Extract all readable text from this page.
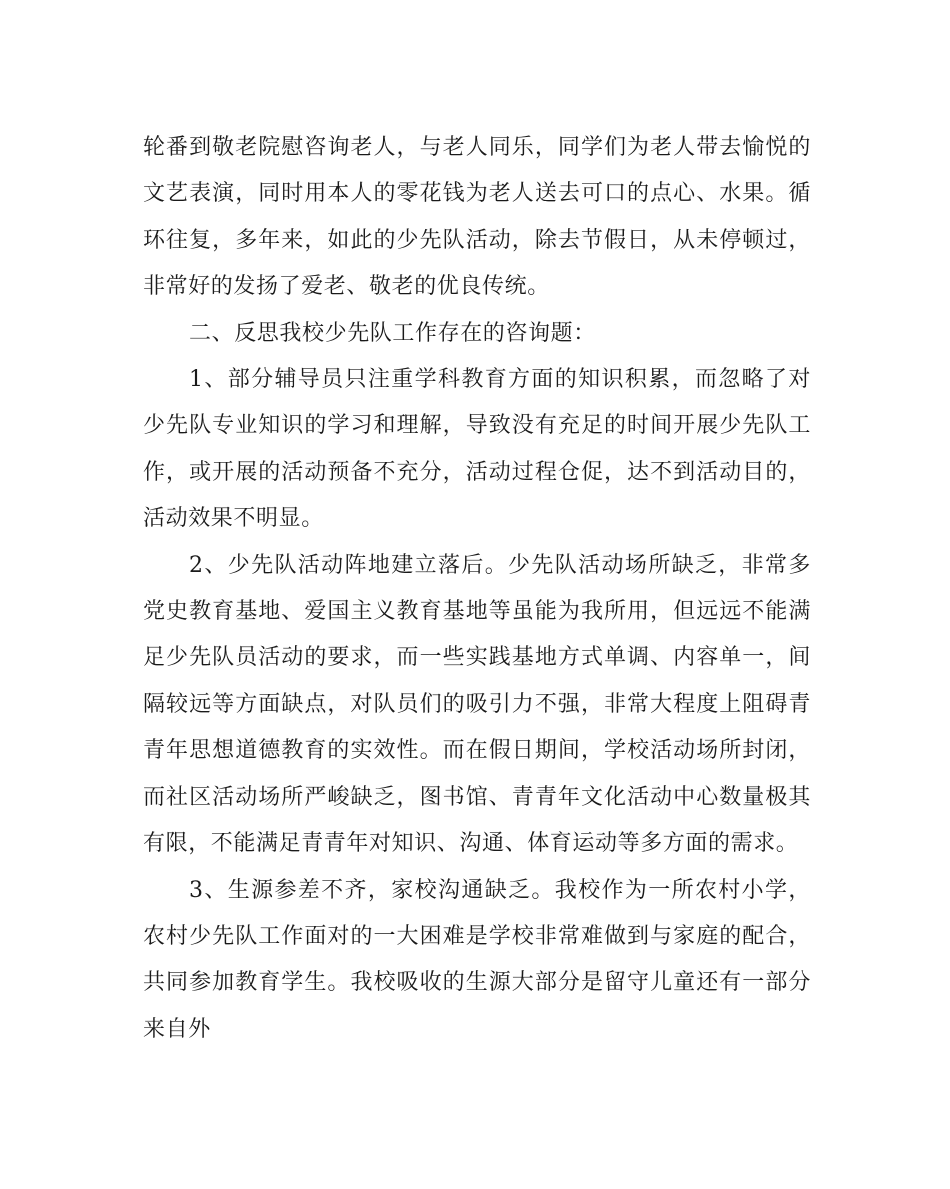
轮番到敬老院慰咨询老人，与老人同乐，同学们为老人带去愉悦的文艺表演，同时用本人的零花钱为老人送去可口的点心、水果。循环往复，多年来，如此的少先队活动，除去节假日，从未停顿过，非常好的发扬了爱老、敬老的优良传统。

二、反思我校少先队工作存在的咨询题：

1、部分辅导员只注重学科教育方面的知识积累，而忽略了对少先队专业知识的学习和理解，导致没有充足的时间开展少先队工作，或开展的活动预备不充分，活动过程仓促，达不到活动目的，活动效果不明显。

2、少先队活动阵地建立落后。少先队活动场所缺乏，非常多党史教育基地、爱国主义教育基地等虽能为我所用，但远远不能满足少先队员活动的要求，而一些实践基地方式单调、内容单一，间隔较远等方面缺点，对队员们的吸引力不强，非常大程度上阻碍青青年思想道德教育的实效性。而在假日期间，学校活动场所封闭，而社区活动场所严峻缺乏，图书馆、青青年文化活动中心数量极其有限，不能满足青青年对知识、沟通、体育运动等多方面的需求。

3、生源参差不齐，家校沟通缺乏。我校作为一所农村小学，农村少先队工作面对的一大困难是学校非常难做到与家庭的配合，共同参加教育学生。我校吸收的生源大部分是留守儿童还有一部分来自外
